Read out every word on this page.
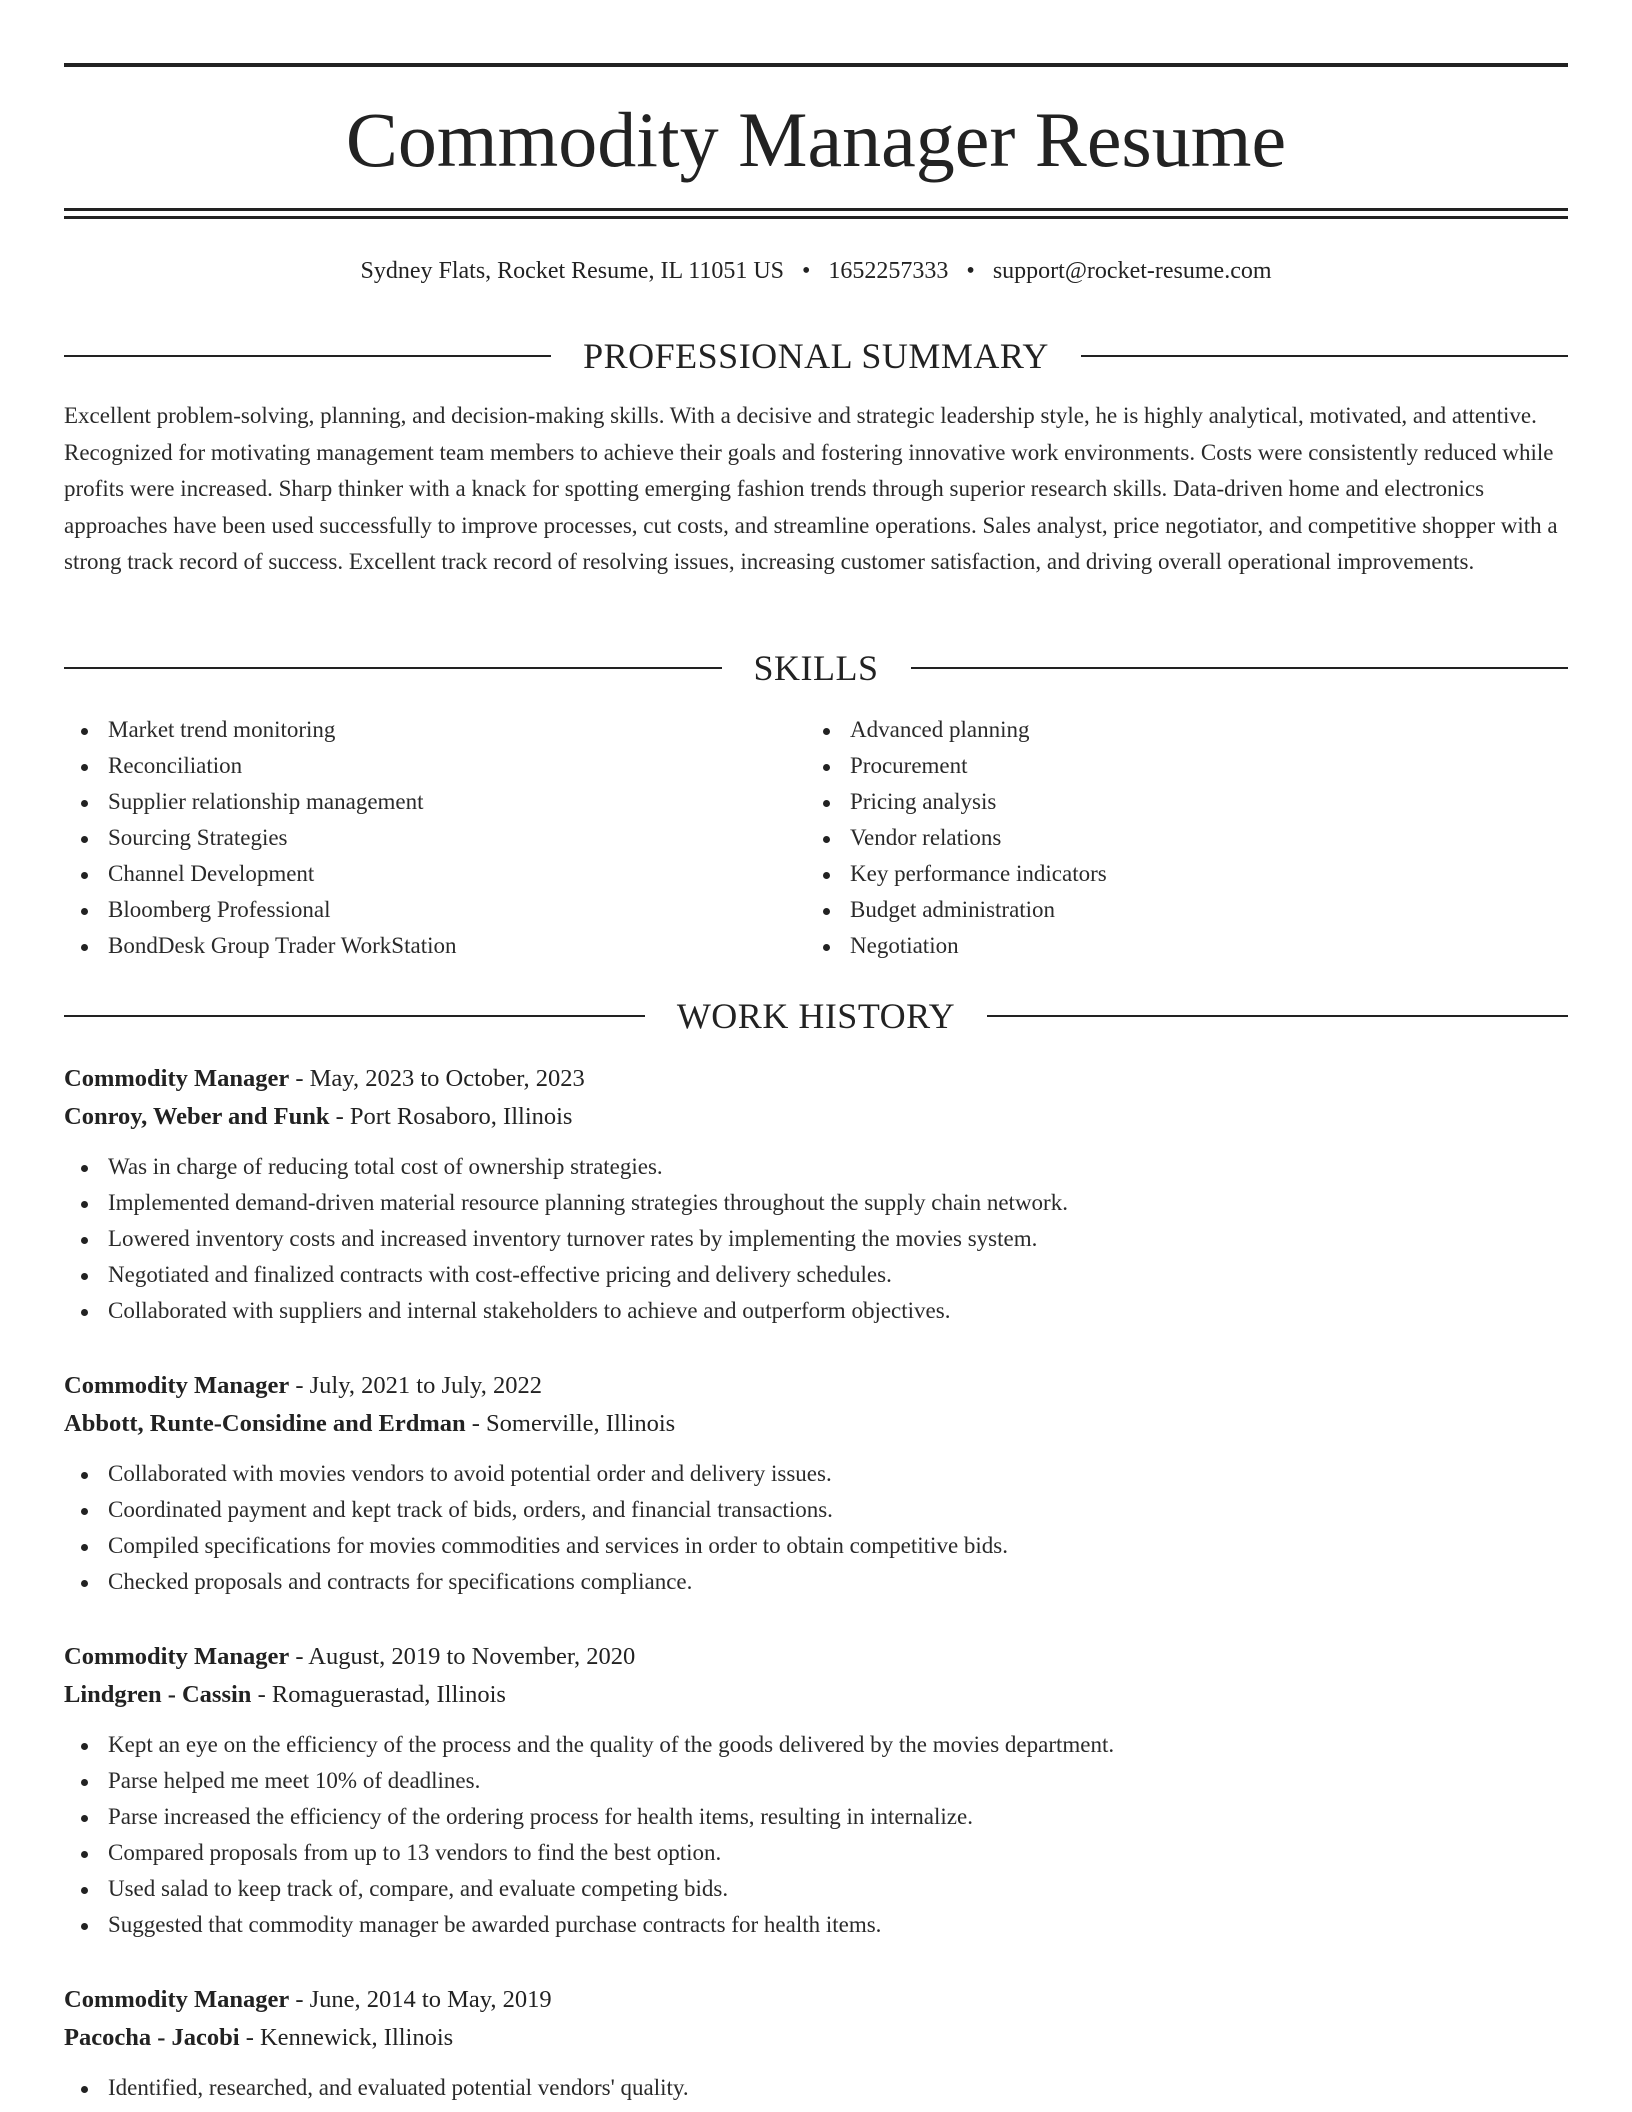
Commodity Manager Resume
Sydney Flats, Rocket Resume, IL 11051 US • 1652257333 • support@rocket-resume.com
PROFESSIONAL SUMMARY

Excellent problem-solving, planning, and decision-making skills. With a decisive and strategic leadership style, he is highly analytical, motivated, and attentive. Recognized for motivating management team members to achieve their goals and fostering innovative work environments. Costs were consistently reduced while profits were increased. Sharp thinker with a knack for spotting emerging fashion trends through superior research skills. Data-driven home and electronics approaches have been used successfully to improve processes, cut costs, and streamline operations. Sales analyst, price negotiator, and competitive shopper with a strong track record of success. Excellent track record of resolving issues, increasing customer satisfaction, and driving overall operational improvements.

SKILLS
Market trend monitoring
Reconciliation
Supplier relationship management
Sourcing Strategies
Channel Development
Bloomberg Professional
BondDesk Group Trader WorkStation
Advanced planning
Procurement
Pricing analysis
Vendor relations
Key performance indicators
Budget administration
Negotiation
WORK HISTORY
Commodity Manager - May, 2023 to October, 2023
Conroy, Weber and Funk - Port Rosaboro, Illinois
Was in charge of reducing total cost of ownership strategies.
Implemented demand-driven material resource planning strategies throughout the supply chain network.
Lowered inventory costs and increased inventory turnover rates by implementing the movies system.
Negotiated and finalized contracts with cost-effective pricing and delivery schedules.
Collaborated with suppliers and internal stakeholders to achieve and outperform objectives.
Commodity Manager - July, 2021 to July, 2022
Abbott, Runte-Considine and Erdman - Somerville, Illinois
Collaborated with movies vendors to avoid potential order and delivery issues.
Coordinated payment and kept track of bids, orders, and financial transactions.
Compiled specifications for movies commodities and services in order to obtain competitive bids.
Checked proposals and contracts for specifications compliance.
Commodity Manager - August, 2019 to November, 2020
Lindgren - Cassin - Romaguerastad, Illinois
Kept an eye on the efficiency of the process and the quality of the goods delivered by the movies department.
Parse helped me meet 10% of deadlines.
Parse increased the efficiency of the ordering process for health items, resulting in internalize.
Compared proposals from up to 13 vendors to find the best option.
Used salad to keep track of, compare, and evaluate competing bids.
Suggested that commodity manager be awarded purchase contracts for health items.
Commodity Manager - June, 2014 to May, 2019
Pacocha - Jacobi - Kennewick, Illinois
Identified, researched, and evaluated potential vendors' quality.
